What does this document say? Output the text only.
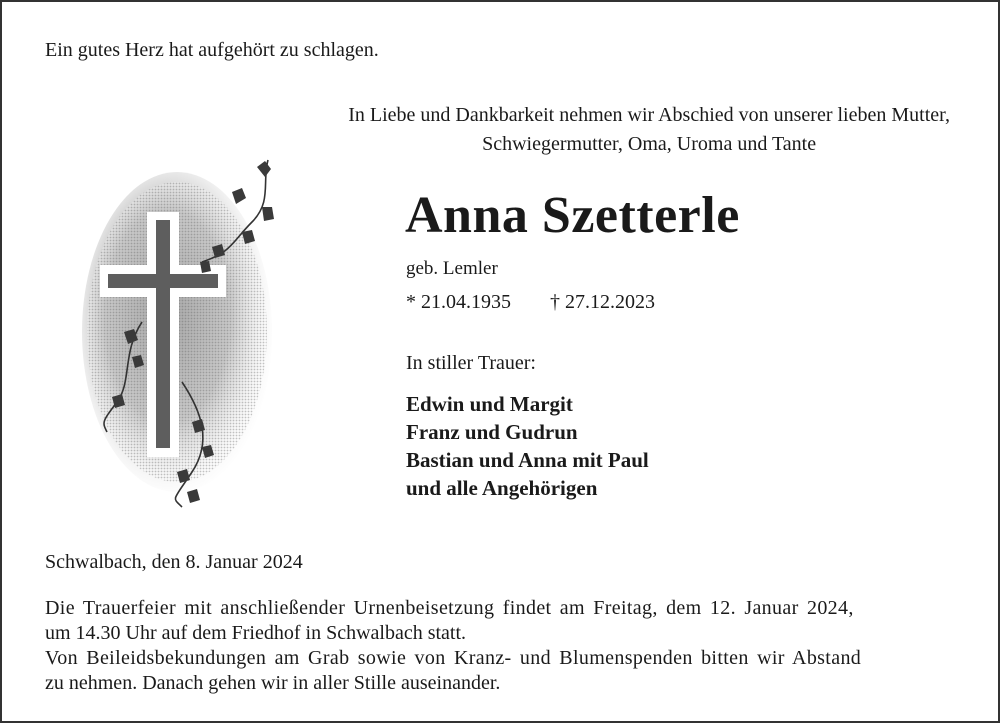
Ein gutes Herz hat aufgehört zu schlagen.
In Liebe und Dankbarkeit nehmen wir Abschied von unserer lieben Mutter,
Schwiegermutter, Oma, Uroma und Tante
Anna Szetterle
geb. Lemler
* 21.04.1935 † 27.12.2023
In stiller Trauer:
Edwin und Margit
Franz und Gudrun
Bastian und Anna mit Paul
und alle Angehörigen
Schwalbach, den 8. Januar 2024
Die Trauerfeier mit anschließender Urnenbeisetzung findet am Freitag, dem 12. Januar 2024,
um 14.30 Uhr auf dem Friedhof in Schwalbach statt.
Von Beileidsbekundungen am Grab sowie von Kranz- und Blumenspenden bitten wir Abstand
zu nehmen. Danach gehen wir in aller Stille auseinander.
